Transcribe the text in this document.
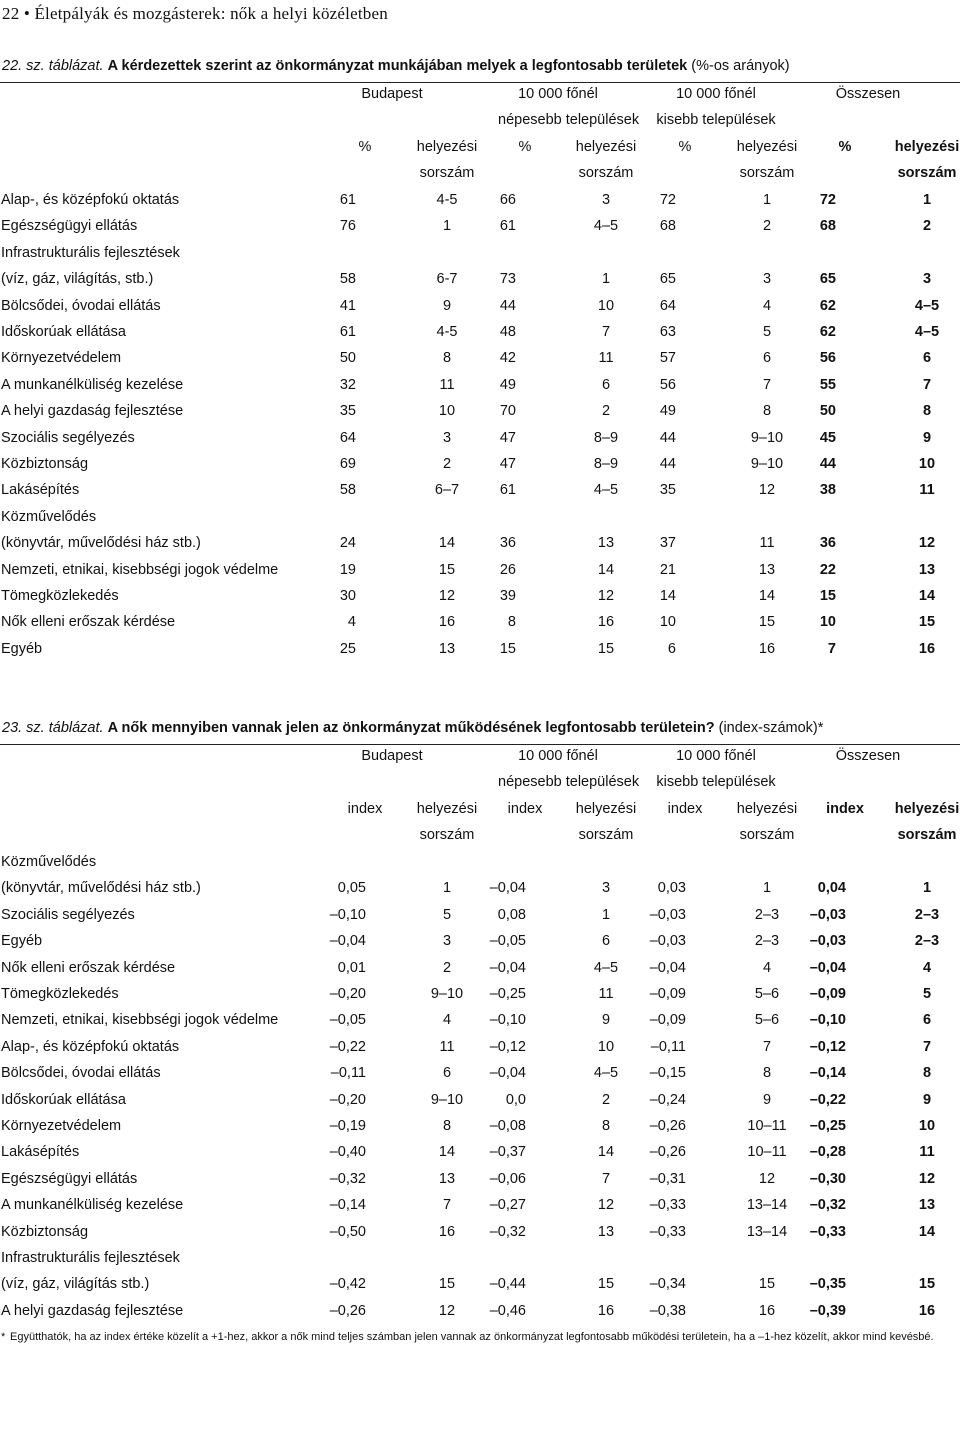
22 • Életpályák és mozgásterek: nők a helyi közéletben
22. sz. táblázat. A kérdezettek szerint az önkormányzat munkájában melyek a legfontosabb területek (%-os arányok)
Budapest	10 000 főnél
népesebb települések
10 000 főnél
kisebb települések
Összesen
%	helyezési
sorszám
%	helyezési
sorszám
%	helyezési
sorszám
%	helyezési
sorszám
Alap-, és középfokú oktatás	61	4-5	66	3	72	1	72	1
Egészségügyi ellátás	76	1	61	4–5	68	2	68	2
Infrastrukturális fejlesztések
(víz, gáz, világítás, stb.)	58	6-7	73	1	65	3	65	3
Bölcsődei, óvodai ellátás	41	9	44	10	64	4	62	4–5
Időskorúak ellátása	61	4-5	48	7	63	5	62	4–5
Környezetvédelem	50	8	42	11	57	6	56	6
A munkanélküliség kezelése	32	11	49	6	56	7	55	7
A helyi gazdaság fejlesztése	35	10	70	2	49	8	50	8
Szociális segélyezés	64	3	47	8–9	44	9–10	45	9
Közbiztonság	69	2	47	8–9	44	9–10	44	10
Lakásépítés	58	6–7	61	4–5	35	12	38	11
Közművelődés
(könyvtár, művelődési ház stb.)	24	14	36	13	37	11	36	12
Nemzeti, etnikai, kisebbségi jogok védelme	19	15	26	14	21	13	22	13
Tömegközlekedés	30	12	39	12	14	14	15	14
Nők elleni erőszak kérdése	4	16	8	16	10	15	10	15
Egyéb	25	13	15	15	6	16	7	16
23. sz. táblázat. A nők mennyiben vannak jelen az önkormányzat működésének legfontosabb területein? (index-számok)*
Budapest	10 000 főnél
népesebb települések
10 000 főnél
kisebb települések
Összesen
index	helyezési
sorszám
index	helyezési
sorszám
index	helyezési
sorszám
index	helyezési
sorszám
Közművelődés
(könyvtár, művelődési ház stb.)	0,05	1	–0,04	3	0,03	1	0,04	1
Szociális segélyezés	–0,10	5	0,08	1	–0,03	2–3	–0,03	2–3
Egyéb	–0,04	3	–0,05	6	–0,03	2–3	–0,03	2–3
Nők elleni erőszak kérdése	0,01	2	–0,04	4–5	–0,04	4	–0,04	4
Tömegközlekedés	–0,20	9–10	–0,25	11	–0,09	5–6	–0,09	5
Nemzeti, etnikai, kisebbségi jogok védelme	–0,05	4	–0,10	9	–0,09	5–6	–0,10	6
Alap-, és középfokú oktatás	–0,22	11	–0,12	10	–0,11	7	–0,12	7
Bölcsődei, óvodai ellátás	–0,11	6	–0,04	4–5	–0,15	8	–0,14	8
Időskorúak ellátása	–0,20	9–10	0,0	2	–0,24	9	–0,22	9
Környezetvédelem	–0,19	8	–0,08	8	–0,26	10–11	–0,25	10
Lakásépítés	–0,40	14	–0,37	14	–0,26	10–11	–0,28	11
Egészségügyi ellátás	–0,32	13	–0,06	7	–0,31	12	–0,30	12
A munkanélküliség kezelése	–0,14	7	–0,27	12	–0,33	13–14	–0,32	13
Közbiztonság	–0,50	16	–0,32	13	–0,33	13–14	–0,33	14
Infrastrukturális fejlesztések
(víz, gáz, világítás stb.)	–0,42	15	–0,44	15	–0,34	15	–0,35	15
A helyi gazdaság fejlesztése	–0,26	12	–0,46	16	–0,38	16	–0,39	16
* Együtthatók, ha az index értéke közelít a +1-hez, akkor a nők mind teljes számban jelen vannak az önkormányzat legfontosabb működési területein, ha a –1-hez közelít, akkor mind kevésbé.
